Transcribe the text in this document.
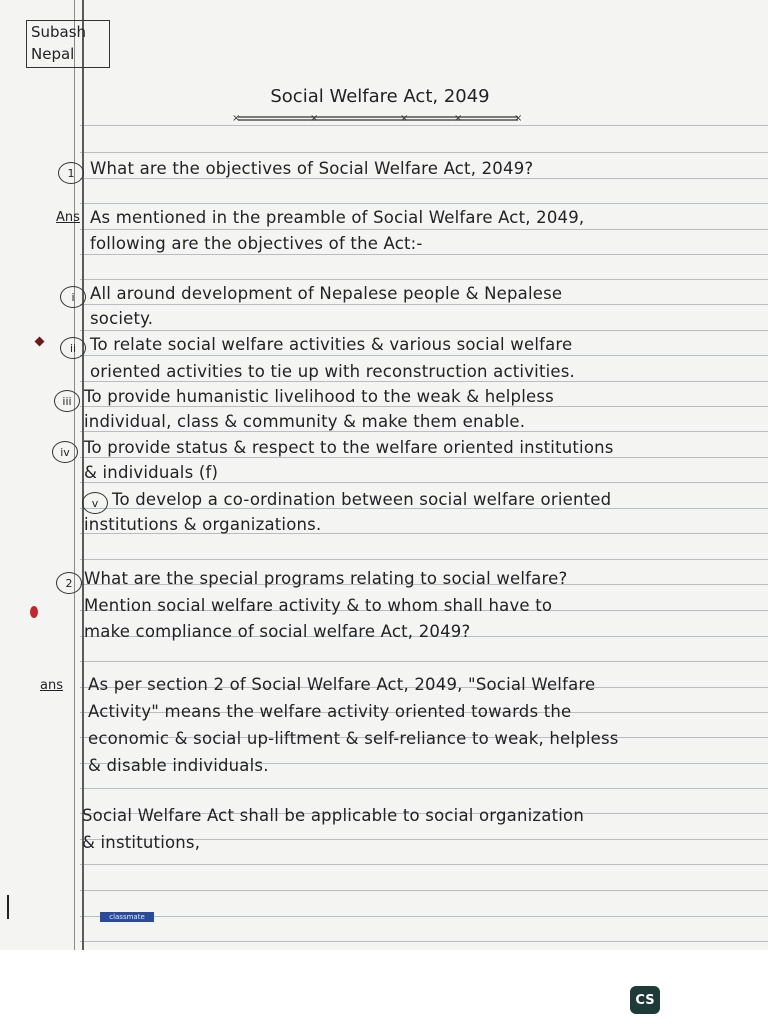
Subash
Nepal
Social Welfare Act, 2049
×	×	×	×	×
1 What are the objectives of Social Welfare Act, 2049?
Ans As mentioned in the preamble of Social Welfare Act, 2049,
following are the objectives of the Act:-
i All around development of Nepalese people & Nepalese
society.
ii To relate social welfare activities & various social welfare
oriented activities to tie up with reconstruction activities.
iii To provide humanistic livelihood to the weak & helpless
individual, class & community & make them enable.
iv To provide status & respect to the welfare oriented institutions
& individuals (f)
v To develop a co-ordination between social welfare oriented
institutions & organizations.
2 What are the special programs relating to social welfare?
Mention social welfare activity & to whom shall have to
make compliance of social welfare Act, 2049?
ans As per section 2 of Social Welfare Act, 2049, "Social Welfare
Activity" means the welfare activity oriented towards the
economic & social up-liftment & self-reliance to weak, helpless
& disable individuals.
Social Welfare Act shall be applicable to social organization
& institutions,
classmate
CS
